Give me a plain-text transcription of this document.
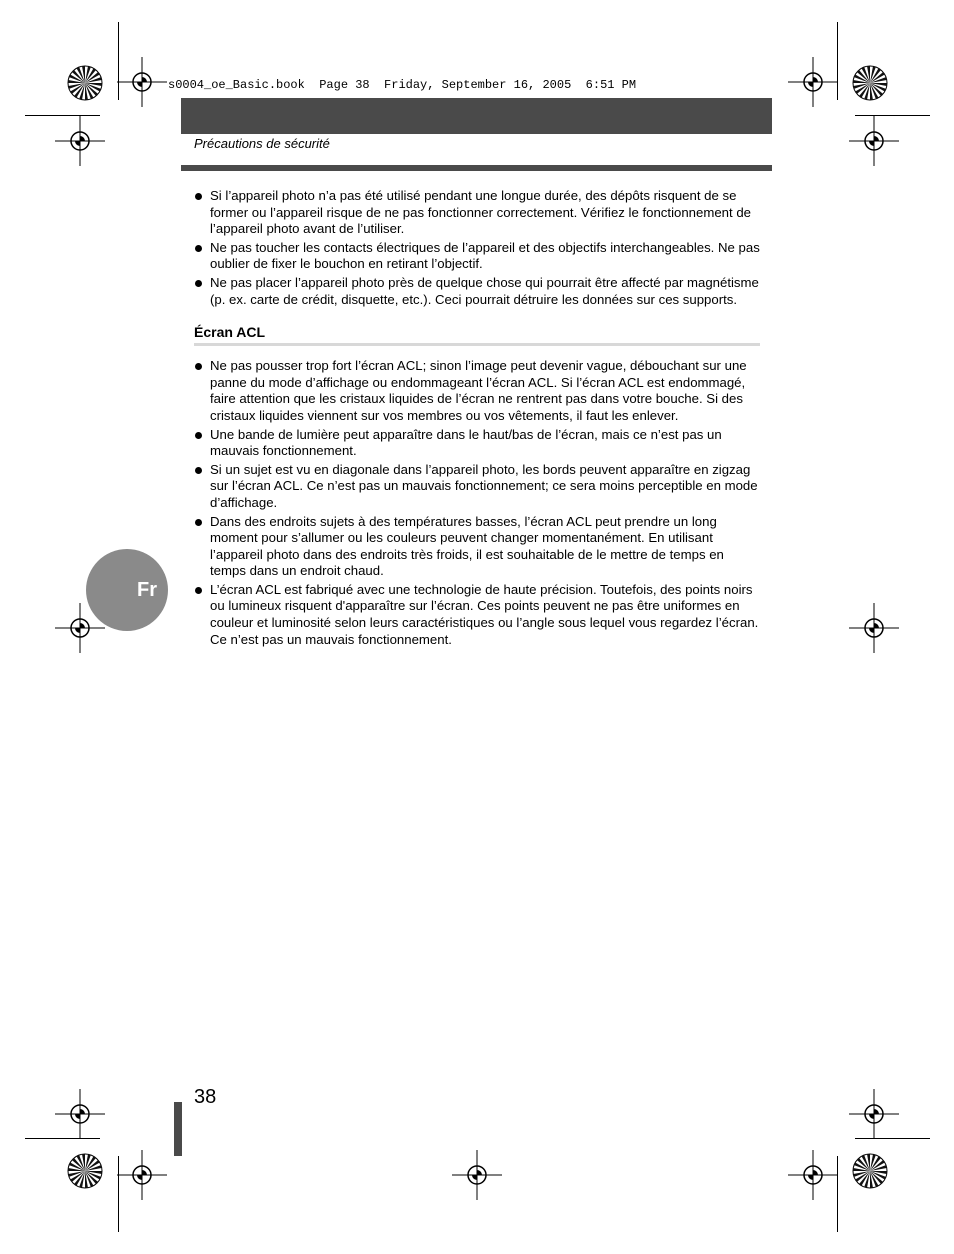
s0004_oe_Basic.book  Page 38  Friday, September 16, 2005  6:51 PM
Précautions de sécurité
Si l’appareil photo n’a pas été utilisé pendant une longue durée, des dépôts risquent de se former ou l’appareil risque de ne pas fonctionner correctement. Vérifiez le fonctionnement de l’appareil photo avant de l’utiliser.
Ne pas toucher les contacts électriques de l’appareil et des objectifs interchangeables. Ne pas oublier de fixer le bouchon en retirant l’objectif.
Ne pas placer l’appareil photo près de quelque chose qui pourrait être affecté par magnétisme (p. ex. carte de crédit, disquette, etc.). Ceci pourrait détruire les données sur ces supports.
Écran ACL
Ne pas pousser trop fort l’écran ACL; sinon l’image peut devenir vague, débouchant sur une panne du mode d’affichage ou endommageant l’écran ACL. Si l’écran ACL est endommagé, faire attention que les cristaux liquides de l’écran ne rentrent pas dans votre bouche. Si des cristaux liquides viennent sur vos membres ou vos vêtements, il faut les enlever.
Une bande de lumière peut apparaître dans le haut/bas de l’écran, mais ce n’est pas un mauvais fonctionnement.
Si un sujet est vu en diagonale dans l’appareil photo, les bords peuvent apparaître en zigzag sur l’écran ACL. Ce n’est pas un mauvais fonctionnement; ce sera moins perceptible en mode d’affichage.
Dans des endroits sujets à des températures basses, l’écran ACL peut prendre un long moment pour s’allumer ou les couleurs peuvent changer momentanément. En utilisant l’appareil photo dans des endroits très froids, il est souhaitable de le mettre de temps en temps dans un endroit chaud.
L’écran ACL est fabriqué avec une technologie de haute précision. Toutefois, des points noirs ou lumineux risquent d'apparaître sur l’écran. Ces points peuvent ne pas être uniformes en couleur et luminosité selon leurs caractéristiques ou l’angle sous lequel vous regardez l’écran. Ce n’est pas un mauvais fonctionnement.
Fr
38
